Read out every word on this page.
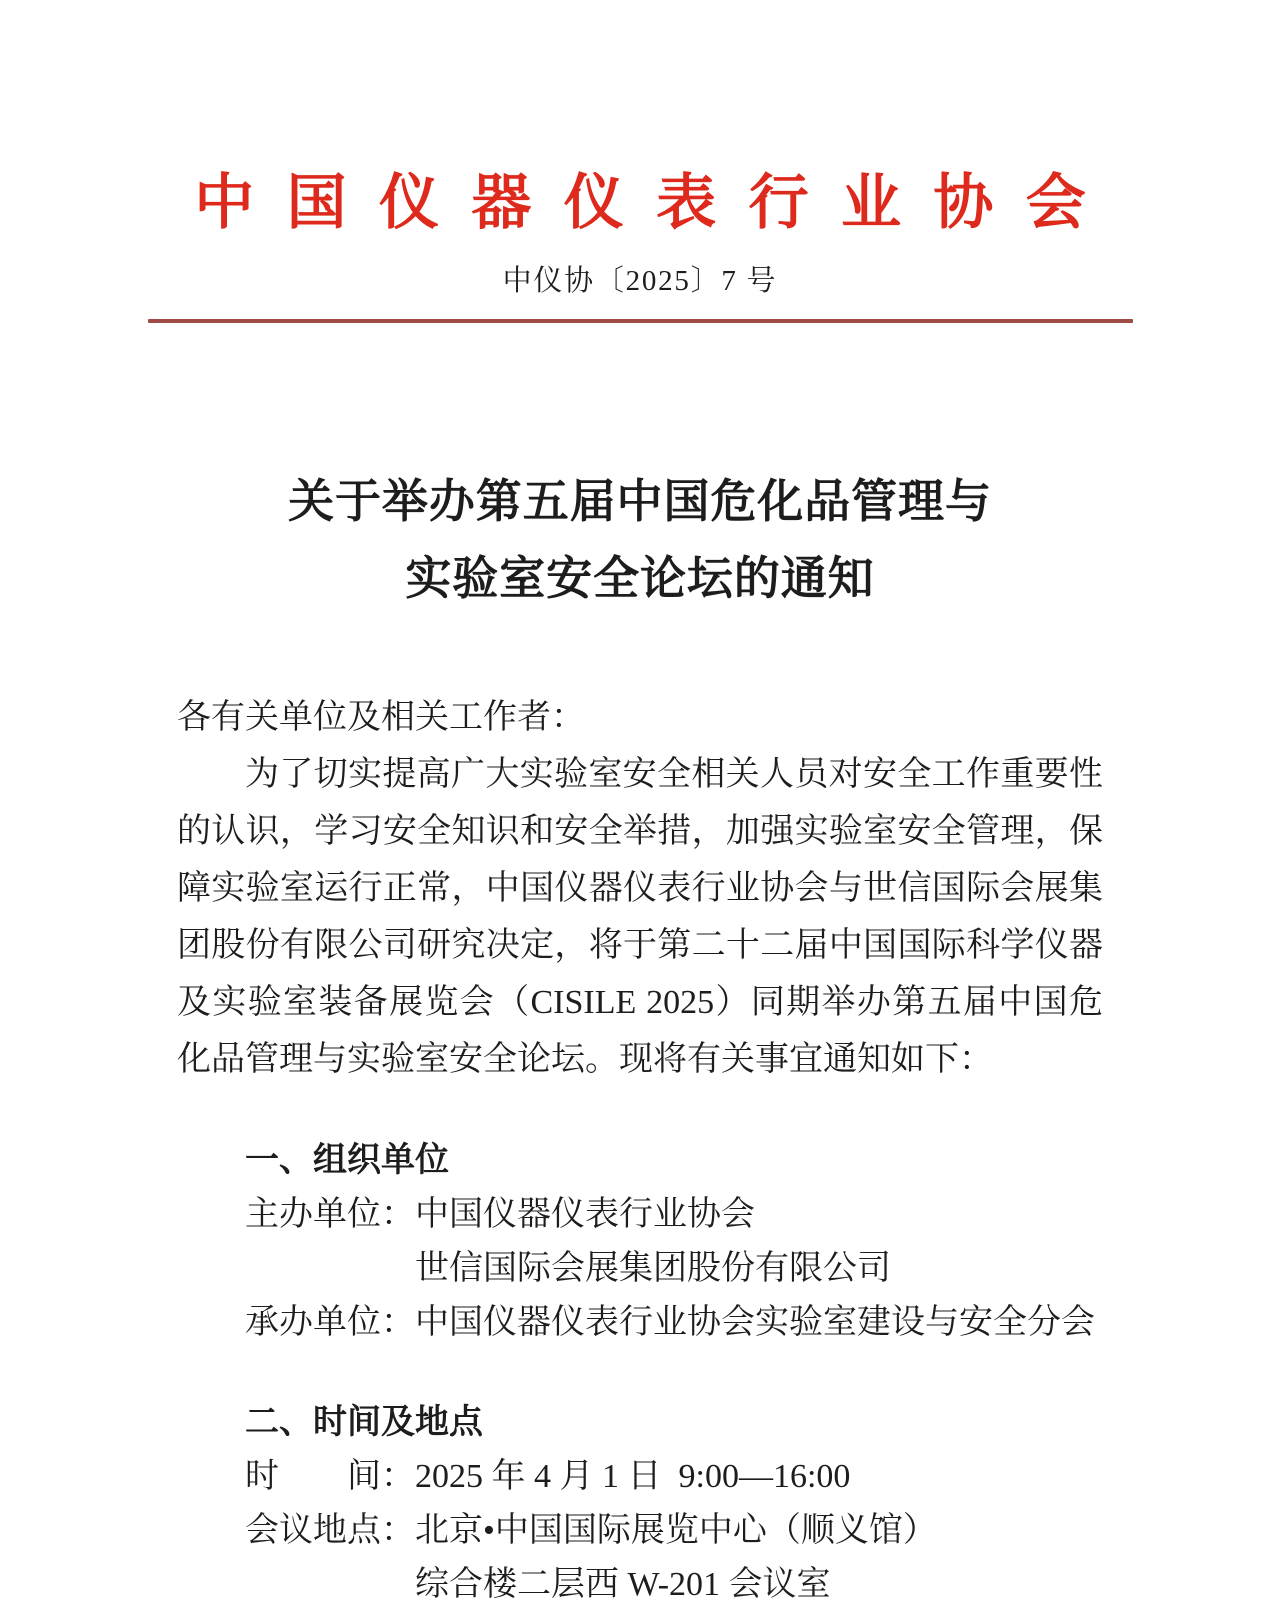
中国仪器仪表行业协会
中仪协〔2025〕7 号
关于举办第五届中国危化品管理与
实验室安全论坛的通知
各有关单位及相关工作者：
为了切实提高广大实验室安全相关人员对安全工作重要性的认识，学习安全知识和安全举措，加强实验室安全管理，保障实验室运行正常，中国仪器仪表行业协会与世信国际会展集团股份有限公司研究决定，将于第二十二届中国国际科学仪器及实验室装备展览会（CISILE 2025）同期举办第五届中国危化品管理与实验室安全论坛。现将有关事宜通知如下：
一、组织单位
主办单位：中国仪器仪表行业协会
世信国际会展集团股份有限公司
承办单位：中国仪器仪表行业协会实验室建设与安全分会
二、时间及地点
时　　间：2025 年 4 月 1 日  9:00—16:00
会议地点：北京•中国国际展览中心（顺义馆）
综合楼二层西 W-201 会议室
